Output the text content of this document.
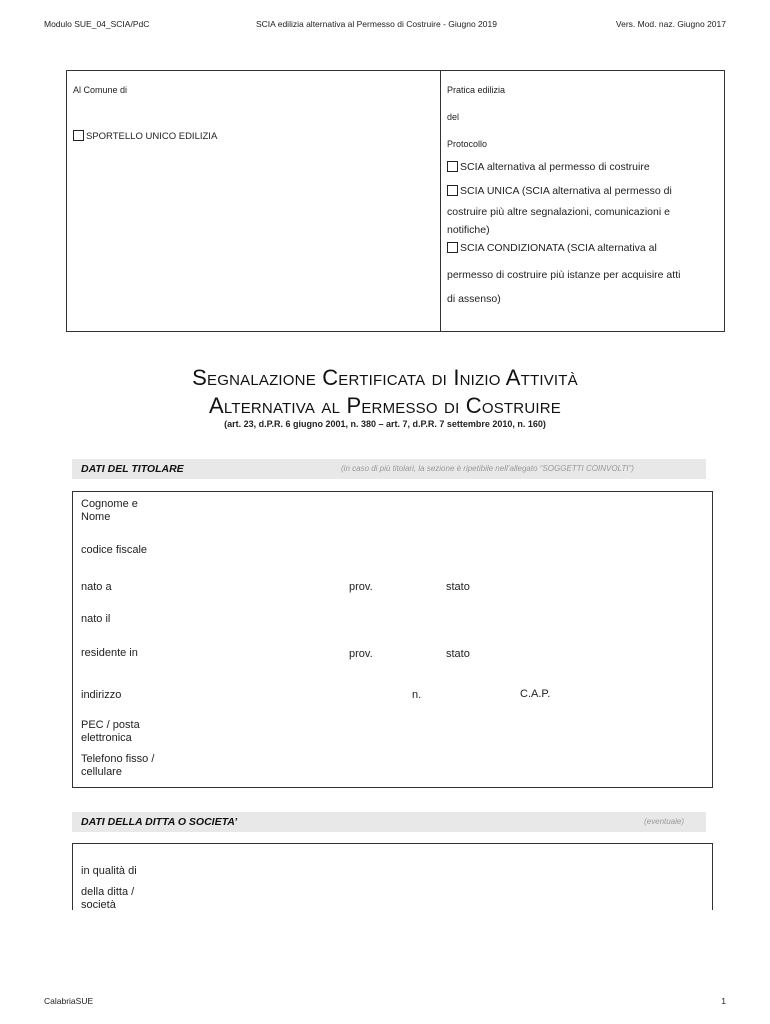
Modulo SUE_04_SCIA/PdC	SCIA edilizia alternativa al Permesso di Costruire - Giugno 2019	Vers. Mod. naz. Giugno 2017
Al Comune di
SPORTELLO UNICO EDILIZIA
Pratica edilizia
del
Protocollo
SCIA alternativa al permesso di costruire
SCIA UNICA (SCIA alternativa al permesso di
costruire più altre segnalazioni, comunicazioni e
notifiche)
SCIA CONDIZIONATA (SCIA alternativa al
permesso di costruire più istanze per acquisire atti
di assenso)
Segnalazione Certificata di Inizio Attività
Alternativa al Permesso di Costruire
(art. 23, d.P.R. 6 giugno 2001, n. 380 – art. 7, d.P.R. 7 settembre 2010, n. 160)
DATI DEL TITOLARE	(in caso di più titolari, la sezione è ripetibile nell’allegato “SOGGETTI COINVOLTI”)
Cognome e
Nome
codice fiscale
nato a	prov.	stato
nato il
residente in	prov.	stato
indirizzo	n.	C.A.P.
PEC / posta
elettronica
Telefono fisso /
cellulare
DATI DELLA DITTA O SOCIETA’	(eventuale)
in qualità di
della ditta /
società
CalabriaSUE	1
